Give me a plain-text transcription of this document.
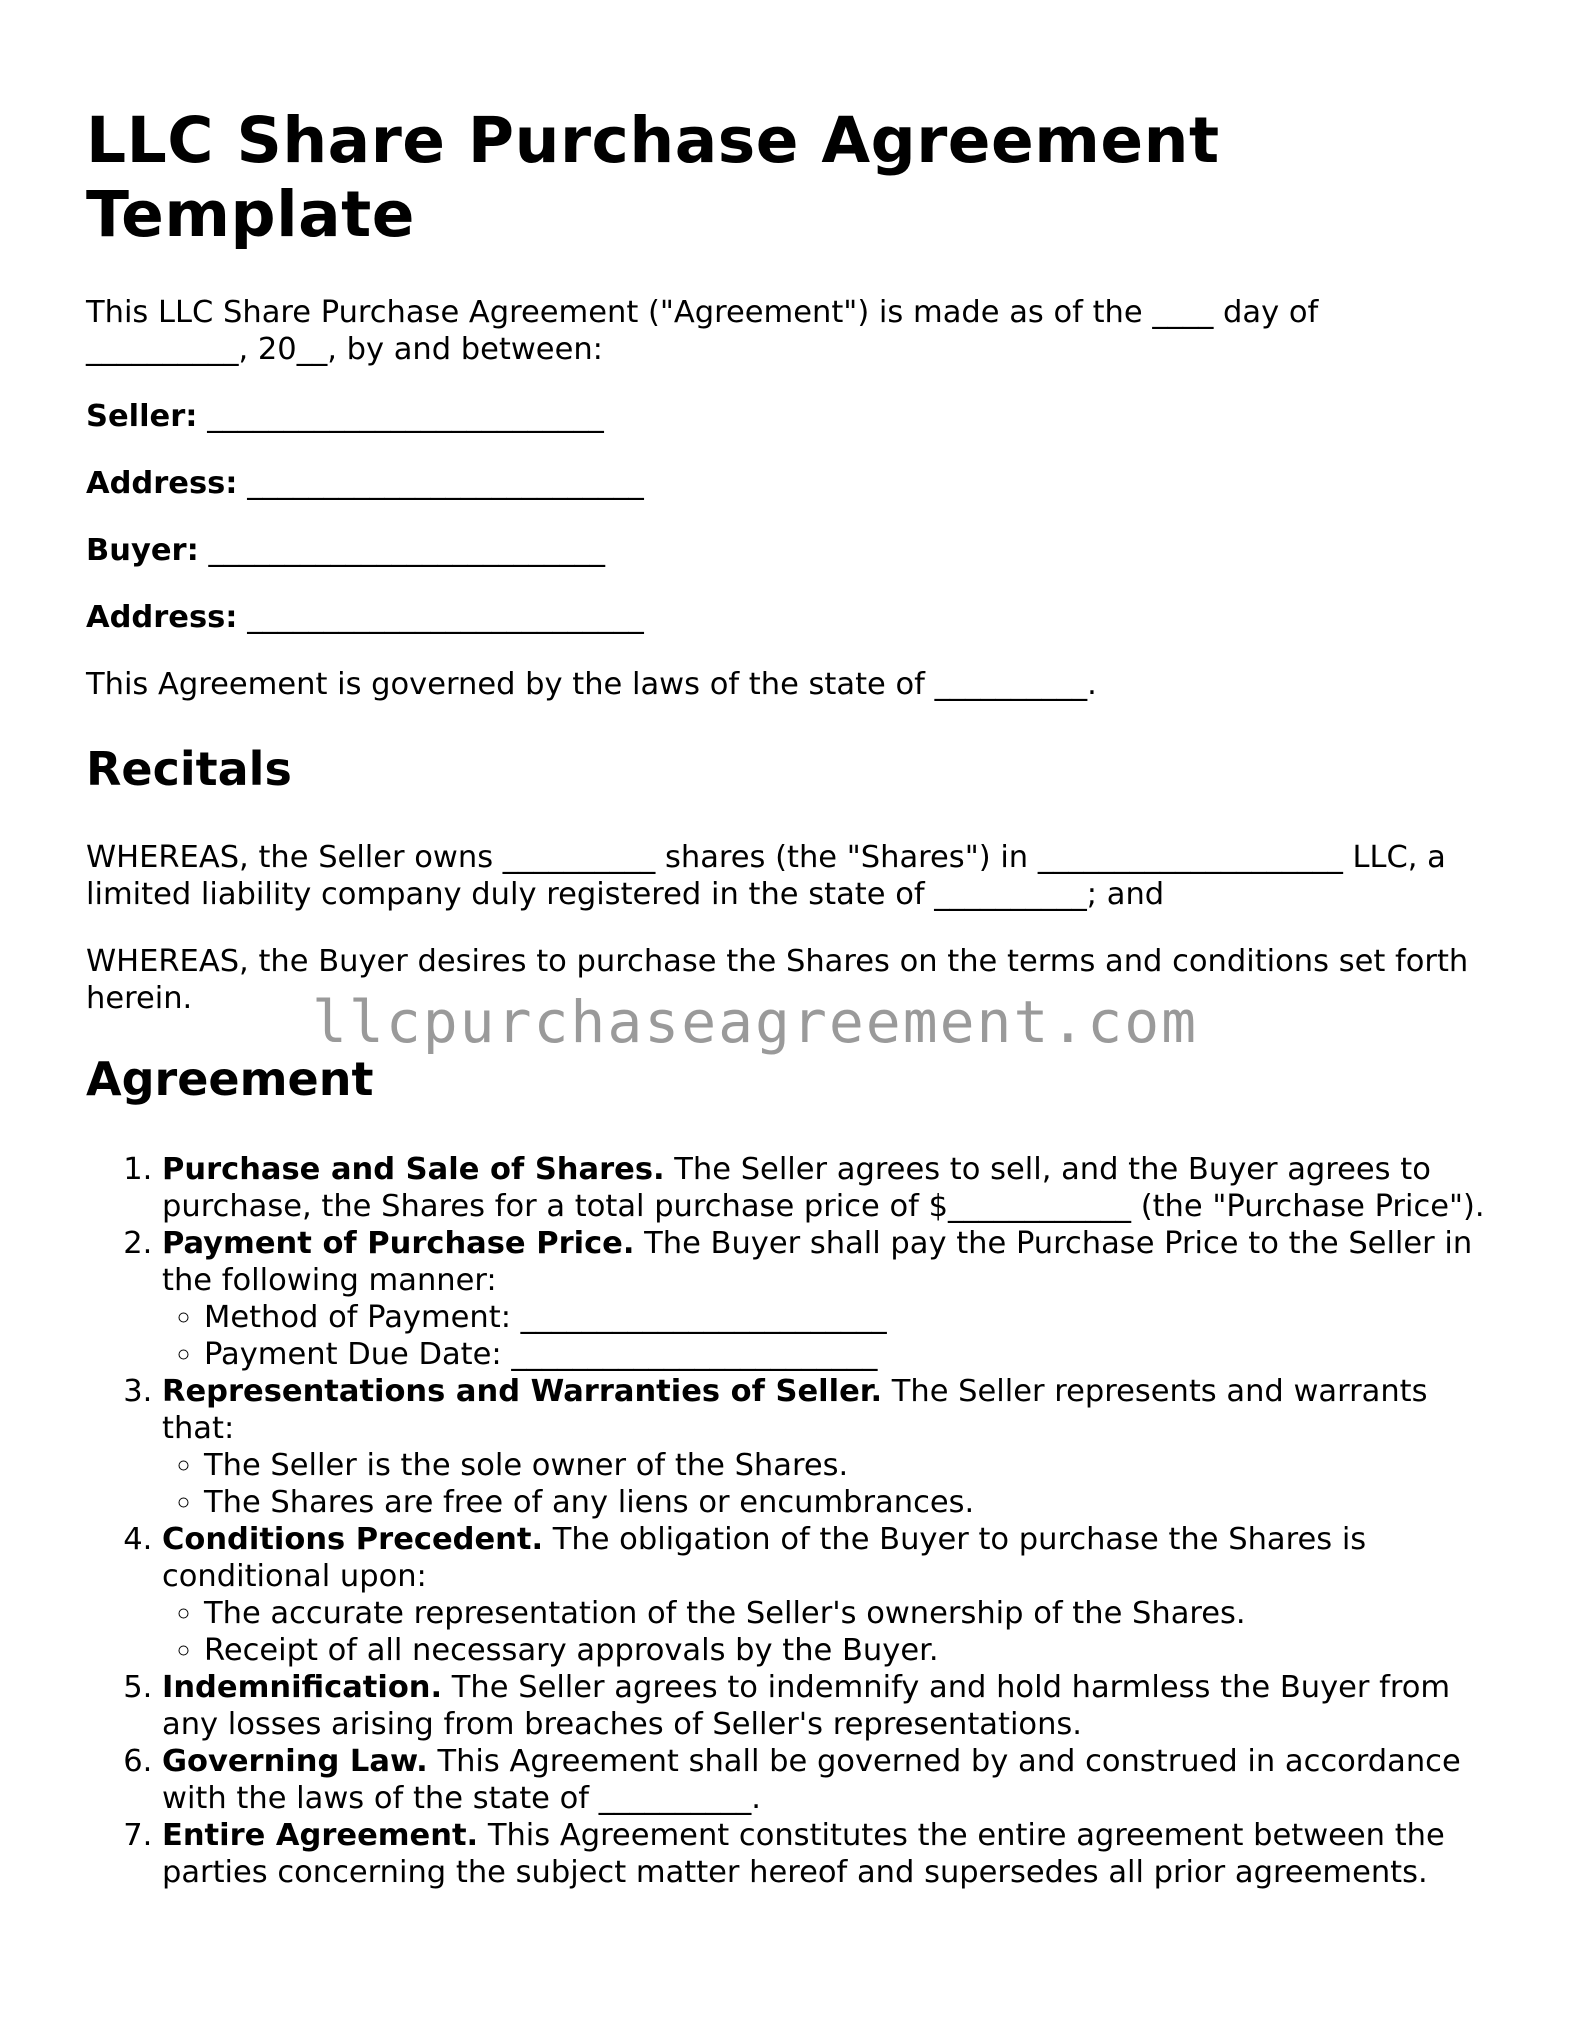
LLC Share Purchase Agreement Template

This LLC Share Purchase Agreement ("Agreement") is made as of the ____ day of __________, 20__, by and between:

Seller: __________________________

Address: __________________________

Buyer: __________________________

Address: __________________________

This Agreement is governed by the laws of the state of __________.

Recitals

WHEREAS, the Seller owns __________ shares (the "Shares") in ____________________ LLC, a limited liability company duly registered in the state of __________; and

WHEREAS, the Buyer desires to purchase the Shares on the terms and conditions set forth herein.

Agreement
1. Purchase and Sale of Shares. The Seller agrees to sell, and the Buyer agrees to purchase, the Shares for a total purchase price of $____________ (the "Purchase Price").
2. Payment of Purchase Price. The Buyer shall pay the Purchase Price to the Seller in the following manner:
◦ Method of Payment: ________________________
◦ Payment Due Date: ________________________
3. Representations and Warranties of Seller. The Seller represents and warrants that:
◦ The Seller is the sole owner of the Shares.
◦ The Shares are free of any liens or encumbrances.
4. Conditions Precedent. The obligation of the Buyer to purchase the Shares is conditional upon:
◦ The accurate representation of the Seller's ownership of the Shares.
◦ Receipt of all necessary approvals by the Buyer.
5. Indemnification. The Seller agrees to indemnify and hold harmless the Buyer from any losses arising from breaches of Seller's representations.
6. Governing Law. This Agreement shall be governed by and construed in accordance with the laws of the state of __________.
7. Entire Agreement. This Agreement constitutes the entire agreement between the parties concerning the subject matter hereof and supersedes all prior agreements.
llcpurchaseagreement.com
